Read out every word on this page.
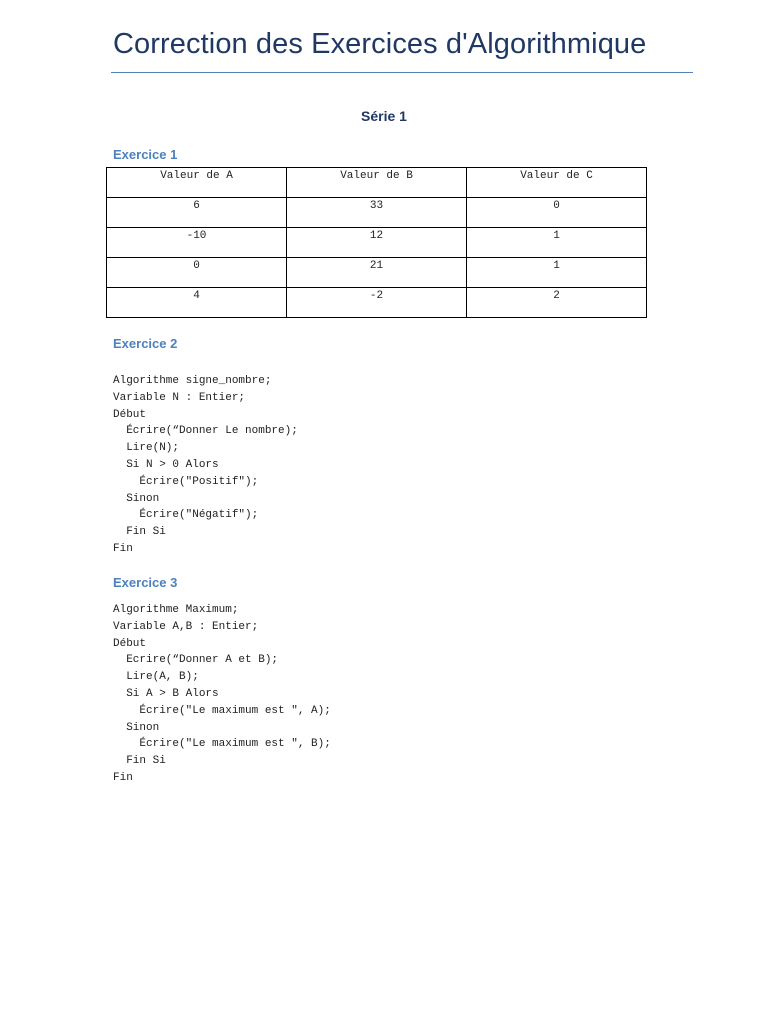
Correction des Exercices d'Algorithmique
Série 1
Exercice 1
Valeur de A	Valeur de B	Valeur de C
6	33	0
-10	12	1
0	21	1
4	-2	2
Exercice 2
Algorithme signe_nombre;
Variable N : Entier;
Début
Écrire(“Donner Le nombre);
Lire(N);
Si N > 0 Alors
Écrire("Positif");
Sinon
Écrire("Négatif");
Fin Si
Fin
Exercice 3
Algorithme Maximum;
Variable A,B : Entier;
Début
Ecrire(“Donner A et B);
Lire(A, B);
Si A > B Alors
Écrire("Le maximum est ", A);
Sinon
Écrire("Le maximum est ", B);
Fin Si
Fin
